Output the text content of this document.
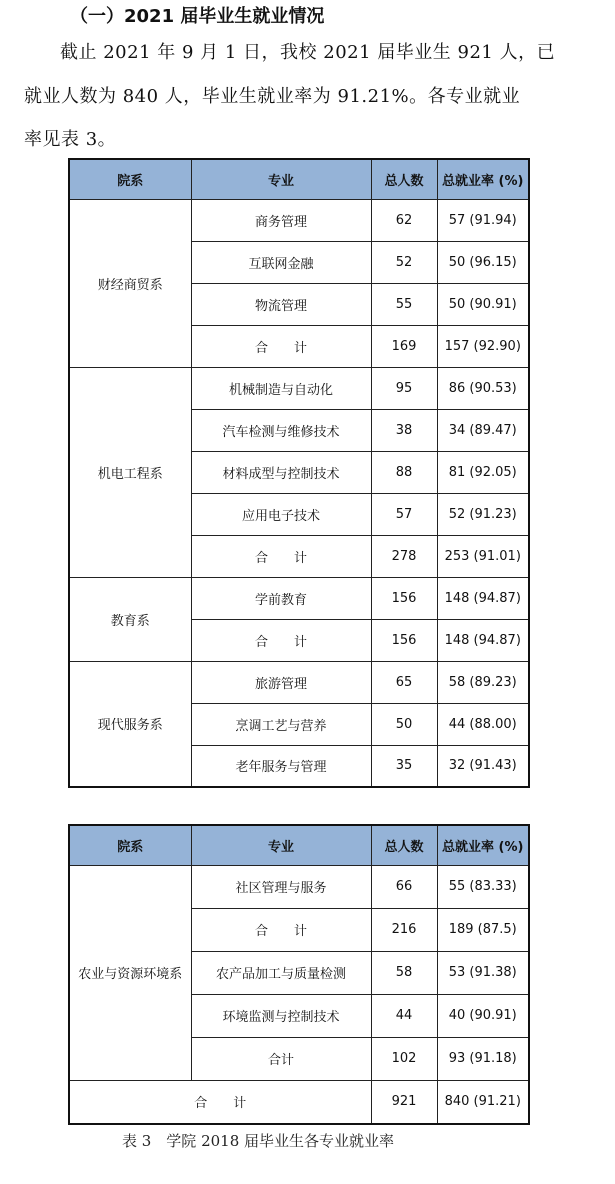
（一）2021 届毕业生就业情况
截止 2021 年 9 月 1 日，我校 2021 届毕业生 921 人，已
就业人数为 840 人，毕业生就业率为 91.21%。各专业就业
率见表 3。
院系	专业	总人数	总就业率 (%)
财经商贸系	商务管理	62	57 (91.94)
	互联网金融	52	50 (96.15)
	物流管理	55	50 (90.91)
	合　　计	169	157 (92.90)
机电工程系	机械制造与自动化	95	86 (90.53)
	汽车检测与维修技术	38	34 (89.47)
	材料成型与控制技术	88	81 (92.05)
	应用电子技术	57	52 (91.23)
	合　　计	278	253 (91.01)
教育系	学前教育	156	148 (94.87)
	合　　计	156	148 (94.87)
现代服务系	旅游管理	65	58 (89.23)
	烹调工艺与营养	50	44 (88.00)
	老年服务与管理	35	32 (91.43)
院系	专业	总人数	总就业率 (%)
农业与资源环境系	社区管理与服务	66	55 (83.33)
	合　　计	216	189 (87.5)
	农产品加工与质量检测	58	53 (91.38)
	环境监测与控制技术	44	40 (90.91)
	合计	102	93 (91.18)
合　　计		921	840 (91.21)
表 3　学院 2018 届毕业生各专业就业率
